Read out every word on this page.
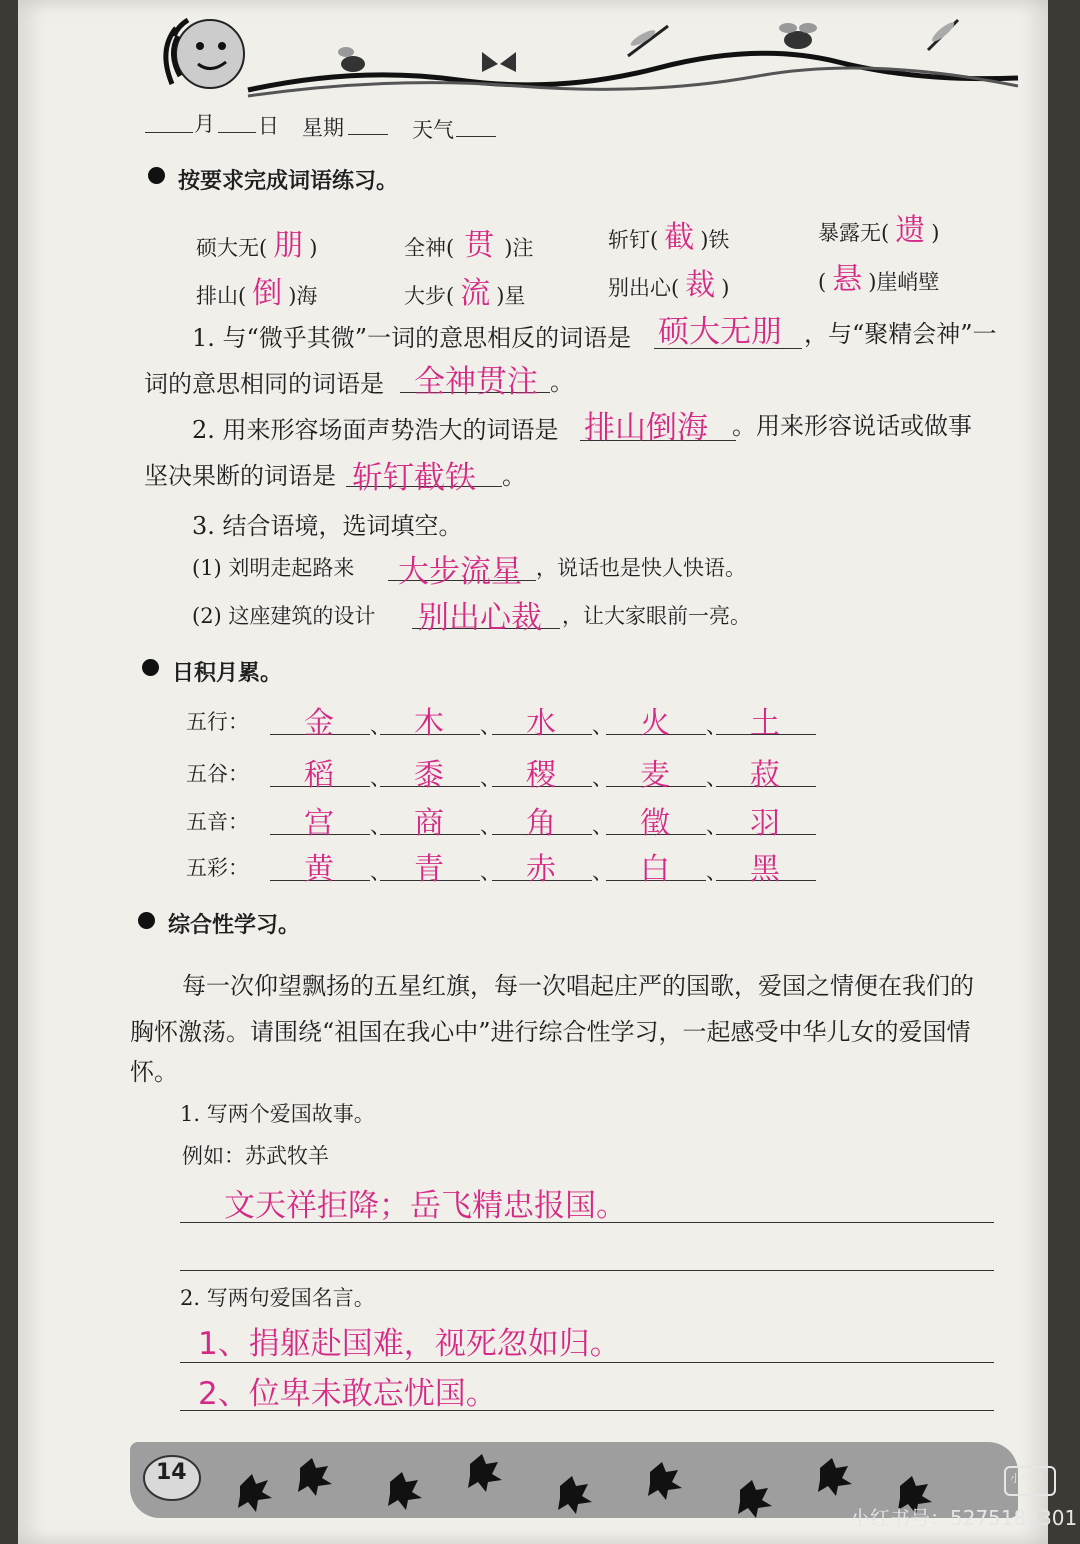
月 日 星期	天气
按要求完成词语练习。
硕大无( 朋 )	全神( 贯 )注	斩钉( 截 )铁	暴露无( 遗 )
排山( 倒 )海	大步( 流 )星	别出心( 裁 )	( 悬 )崖峭壁
1. 与“微乎其微”一词的意思相反的词语是 硕大无朋 ，与“聚精会神”一
词的意思相同的词语是 全神贯注 。
2. 用来形容场面声势浩大的词语是 排山倒海 。用来形容说话或做事
坚决果断的词语是 斩钉截铁 。
3. 结合语境，选词填空。
(1) 刘明走起路来 大步流星 ，说话也是快人快语。
(2) 这座建筑的设计 别出心裁 ，让大家眼前一亮。
日积月累。
五行： 金 、 木 、 水 、 火 、 土
五谷： 稻 、 黍 、 稷 、 麦 、 菽
五音： 宫 、 商 、 角 、 徵 、 羽
五彩： 黄 、 青 、 赤 、 白 、 黑
综合性学习。
每一次仰望飘扬的五星红旗，每一次唱起庄严的国歌，爱国之情便在我们的
胸怀激荡。请围绕“祖国在我心中”进行综合性学习，一起感受中华儿女的爱国情
怀。
1. 写两个爱国故事。
例如：苏武牧羊
文天祥拒降；岳飞精忠报国。
2. 写两句爱国名言。
1、捐躯赴国难，视死忽如归。
2、位卑未敢忘忧国。
14	小红书
小红书号：5275182301
